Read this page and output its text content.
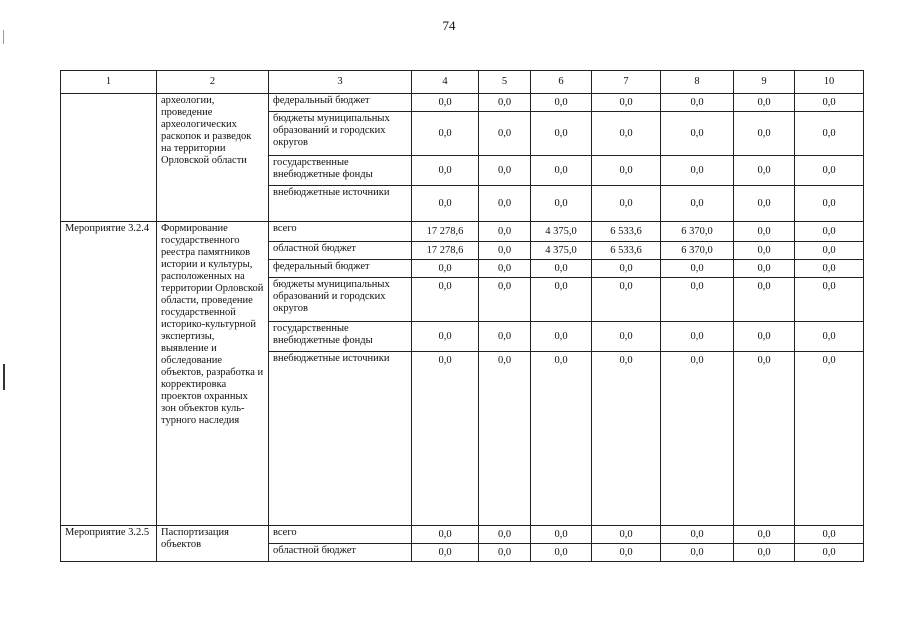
74
1	2	3	4	5	6	7	8	9	10
	археологии, проведение археологических раскопок и разведок на территории Орловской области	федеральный бюджет	0,0	0,0	0,0	0,0	0,0	0,0	0,0
		бюджеты муниципальных образований и городских округов	0,0	0,0	0,0	0,0	0,0	0,0	0,0
		государственные внебюджетные фонды	0,0	0,0	0,0	0,0	0,0	0,0	0,0
		внебюджетные источники	0,0	0,0	0,0	0,0	0,0	0,0	0,0
Мероприятие 3.2.4	Формирование государственного реестра памятников истории и культуры, расположенных на территории Орловской области, проведение государственной историко-культурной экспертизы, выявление и обследование объектов, разработка и корректировка проектов охранных зон объектов куль-турного наследия	всего	17 278,6	0,0	4 375,0	6 533,6	6 370,0	0,0	0,0
		областной бюджет	17 278,6	0,0	4 375,0	6 533,6	6 370,0	0,0	0,0
		федеральный бюджет	0,0	0,0	0,0	0,0	0,0	0,0	0,0
		бюджеты муниципальных образований и городских округов	0,0	0,0	0,0	0,0	0,0	0,0	0,0
		государственные внебюджетные фонды	0,0	0,0	0,0	0,0	0,0	0,0	0,0
		внебюджетные источники	0,0	0,0	0,0	0,0	0,0	0,0	0,0
Мероприятие 3.2.5	Паспортизация объектов	всего	0,0	0,0	0,0	0,0	0,0	0,0	0,0
		областной бюджет	0,0	0,0	0,0	0,0	0,0	0,0	0,0
